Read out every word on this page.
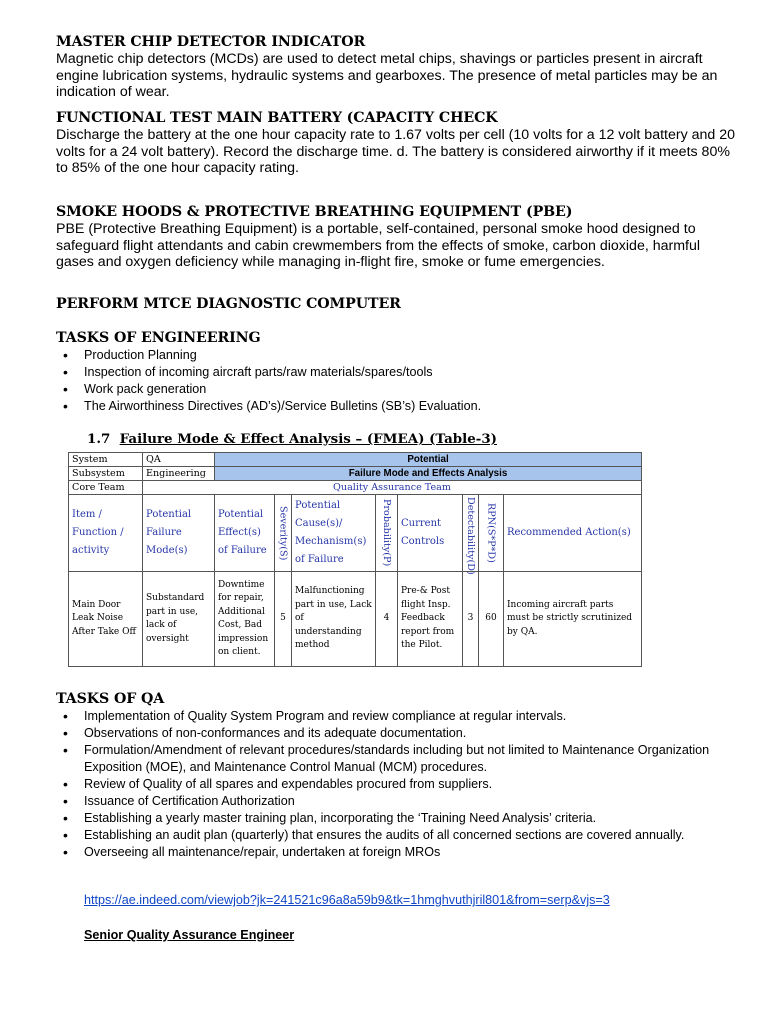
MASTER CHIP DETECTOR INDICATOR

Magnetic chip detectors (MCDs) are used to detect metal chips, shavings or particles present in aircraft engine lubrication systems, hydraulic systems and gearboxes. The presence of metal particles may be an indication of wear.

FUNCTIONAL TEST MAIN BATTERY (CAPACITY CHECK

Discharge the battery at the one hour capacity rate to 1.67 volts per cell (10 volts for a 12 volt battery and 20 volts for a 24 volt battery). Record the discharge time. d. The battery is considered airworthy if it meets 80% to 85% of the one hour capacity rating.

SMOKE HOODS & PROTECTIVE BREATHING EQUIPMENT (PBE)

PBE (Protective Breathing Equipment) is a portable, self-contained, personal smoke hood designed to safeguard flight attendants and cabin crewmembers from the effects of smoke, carbon dioxide, harmful gases and oxygen deficiency while managing in-flight fire, smoke or fume emergencies.

PERFORM MTCE DIAGNOSTIC COMPUTER
TASKS OF ENGINEERING
• Production Planning
• Inspection of incoming aircraft parts/raw materials/spares/tools
• Work pack generation
• The Airworthiness Directives (AD’s)/Service Bulletins (SB’s) Evaluation.
1.7 Failure Mode & Effect Analysis – (FMEA) (Table-3)
System	QA	Potential							
Subsystem	Engineering	Failure Mode and Effects Analysis							
Core Team	Quality Assurance Team								
Item / Function / activity	Potential Failure Mode(s)	Potential Effect(s) of Failure	Severity(S)	Potential Cause(s)/ Mechanism(s) of Failure	Probability(P)	Current Controls	Detectability(D)	RPN(S*P*D)	Recommended Action(s)
Main Door Leak Noise After Take Off	Substandard part in use, lack of oversight	Downtime for repair, Additional Cost, Bad impression on client.	5	Malfunctioning part in use, Lack of understanding method	4	Pre-& Post flight Insp. Feedback report from the Pilot.	3	60	Incoming aircraft parts must be strictly scrutinized by QA.
TASKS OF QA
• Implementation of Quality System Program and review compliance at regular intervals.
• Observations of non-conformances and its adequate documentation.
• Formulation/Amendment of relevant procedures/standards including but not limited to Maintenance Organization Exposition (MOE), and Maintenance Control Manual (MCM) procedures.
• Review of Quality of all spares and expendables procured from suppliers.
• Issuance of Certification Authorization
• Establishing a yearly master training plan, incorporating the ‘Training Need Analysis’ criteria.
• Establishing an audit plan (quarterly) that ensures the audits of all concerned sections are covered annually.
• Overseeing all maintenance/repair, undertaken at foreign MROs
https://ae.indeed.com/viewjob?jk=241521c96a8a59b9&tk=1hmghvuthjril801&from=serp&vjs=3
Senior Quality Assurance Engineer
